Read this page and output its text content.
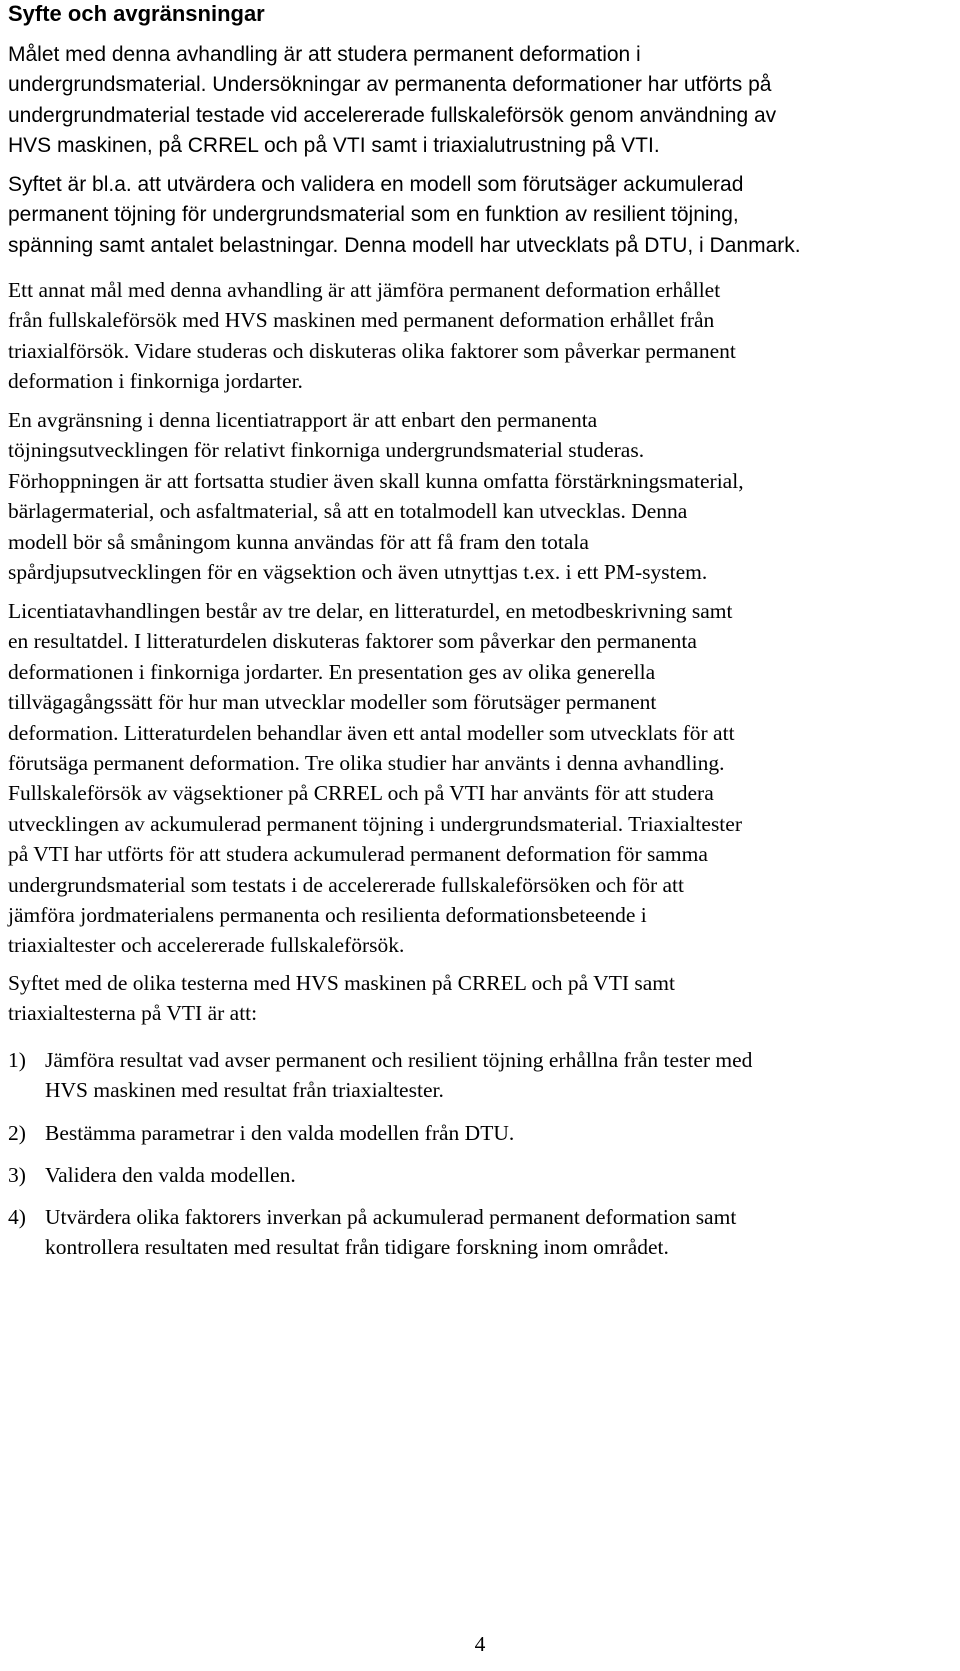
Syfte och avgränsningar

Målet med denna avhandling är att studera permanent deformation i
undergrundsmaterial. Undersökningar av permanenta deformationer har utförts på
undergrundmaterial testade vid accelererade fullskaleförsök genom användning av
HVS maskinen, på CRREL och på VTI samt i triaxialutrustning på VTI.

Syftet är bl.a. att utvärdera och validera en modell som förutsäger ackumulerad
permanent töjning för undergrundsmaterial som en funktion av resilient töjning,
spänning samt antalet belastningar. Denna modell har utvecklats på DTU, i Danmark.

Ett annat mål med denna avhandling är att jämföra permanent deformation erhållet
från fullskaleförsök med HVS maskinen med permanent deformation erhållet från
triaxialförsök. Vidare studeras och diskuteras olika faktorer som påverkar permanent
deformation i finkorniga jordarter.

En avgränsning i denna licentiatrapport är att enbart den permanenta
töjningsutvecklingen för relativt finkorniga undergrundsmaterial studeras.
Förhoppningen är att fortsatta studier även skall kunna omfatta förstärkningsmaterial,
bärlagermaterial, och asfaltmaterial, så att en totalmodell kan utvecklas. Denna
modell bör så småningom kunna användas för att få fram den totala
spårdjupsutvecklingen för en vägsektion och även utnyttjas t.ex. i ett PM-system.

Licentiatavhandlingen består av tre delar, en litteraturdel, en metodbeskrivning samt
en resultatdel. I litteraturdelen diskuteras faktorer som påverkar den permanenta
deformationen i finkorniga jordarter. En presentation ges av olika generella
tillvägagångssätt för hur man utvecklar modeller som förutsäger permanent
deformation. Litteraturdelen behandlar även ett antal modeller som utvecklats för att
förutsäga permanent deformation. Tre olika studier har använts i denna avhandling.
Fullskaleförsök av vägsektioner på CRREL och på VTI har använts för att studera
utvecklingen av ackumulerad permanent töjning i undergrundsmaterial. Triaxialtester
på VTI har utförts för att studera ackumulerad permanent deformation för samma
undergrundsmaterial som testats i de accelererade fullskaleförsöken och för att
jämföra jordmaterialens permanenta och resilienta deformationsbeteende i
triaxialtester och accelererade fullskaleförsök.

Syftet med de olika testerna med HVS maskinen på CRREL och på VTI samt
triaxialtesterna på VTI är att:

1) Jämföra resultat vad avser permanent och resilient töjning erhållna från tester med
HVS maskinen med resultat från triaxialtester.
2) Bestämma parametrar i den valda modellen från DTU.
3) Validera den valda modellen.
4) Utvärdera olika faktorers inverkan på ackumulerad permanent deformation samt
kontrollera resultaten med resultat från tidigare forskning inom området.
4
